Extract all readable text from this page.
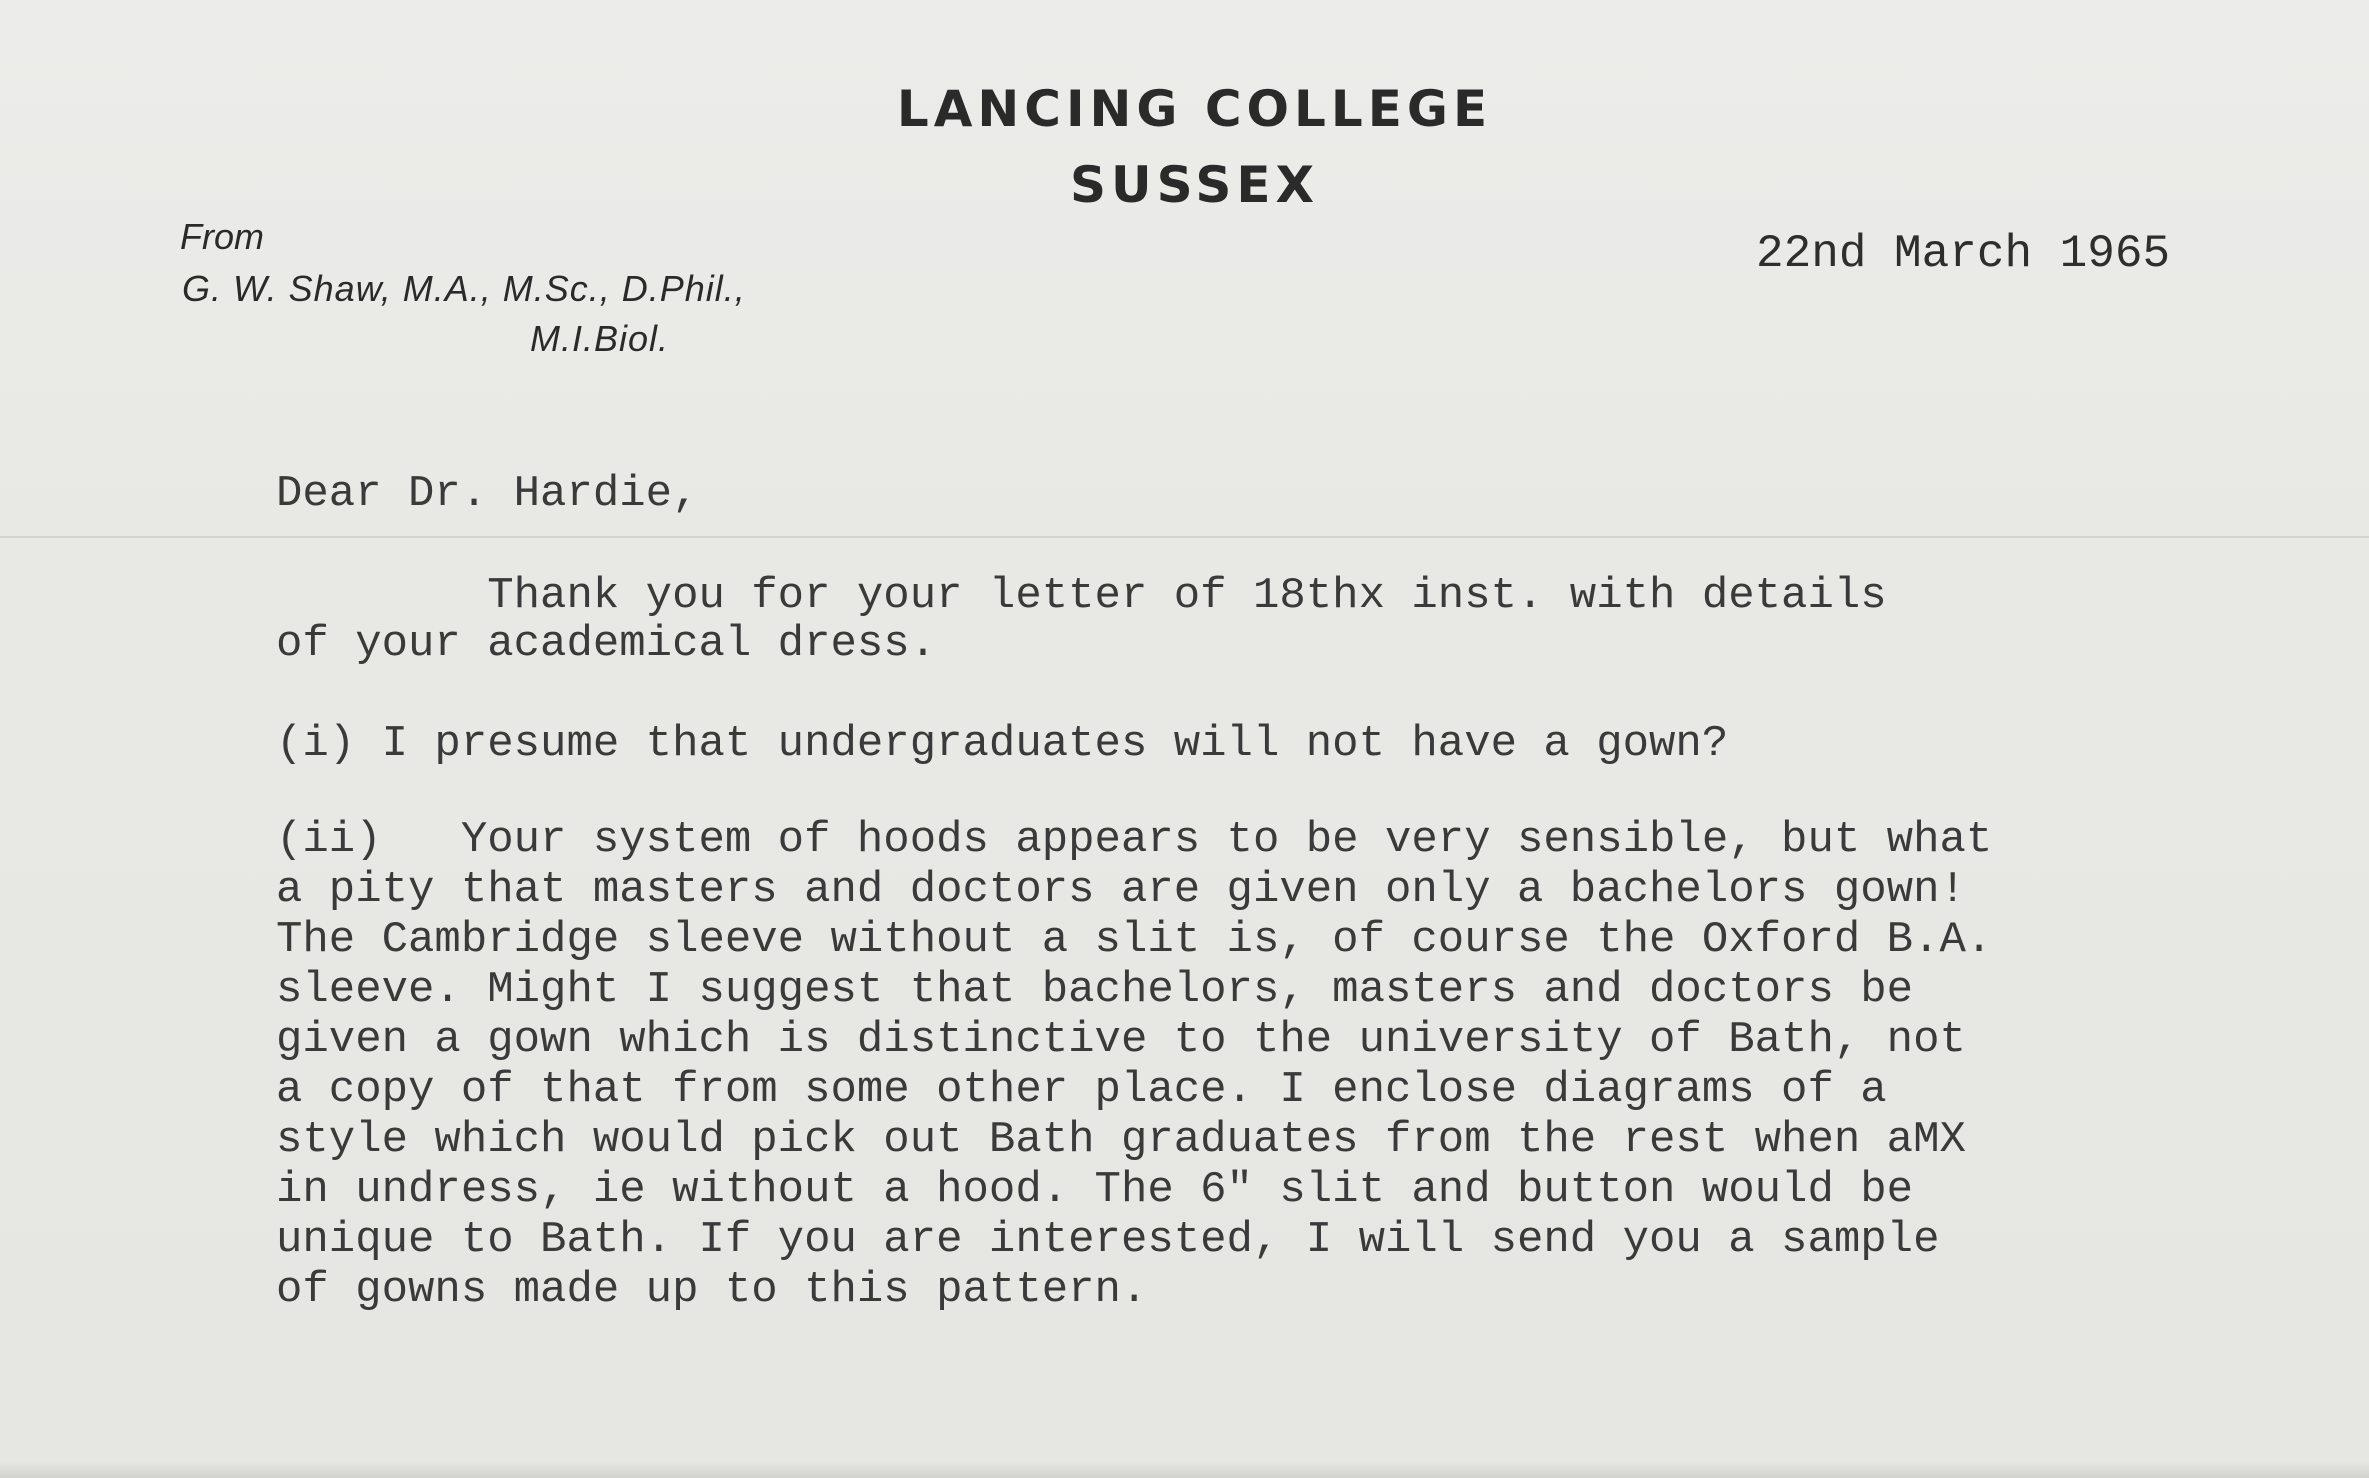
LANCING COLLEGE
SUSSEX
From
G. W. Shaw, M.A., M.Sc., D.Phil.,
M.I.Biol.
22nd March 1965
Dear Dr. Hardie,
Thank you for your letter of 18thx inst. with details
of your academical dress.
(i) I presume that undergraduates will not have a gown?
(ii)   Your system of hoods appears to be very sensible, but what
a pity that masters and doctors are given only a bachelors gown!
The Cambridge sleeve without a slit is, of course the Oxford B.A.
sleeve. Might I suggest that bachelors, masters and doctors be
given a gown which is distinctive to the university of Bath, not
a copy of that from some other place. I enclose diagrams of a
style which would pick out Bath graduates from the rest when aMX
in undress, ie without a hood. The 6" slit and button would be
unique to Bath. If you are interested, I will send you a sample
of gowns made up to this pattern.
